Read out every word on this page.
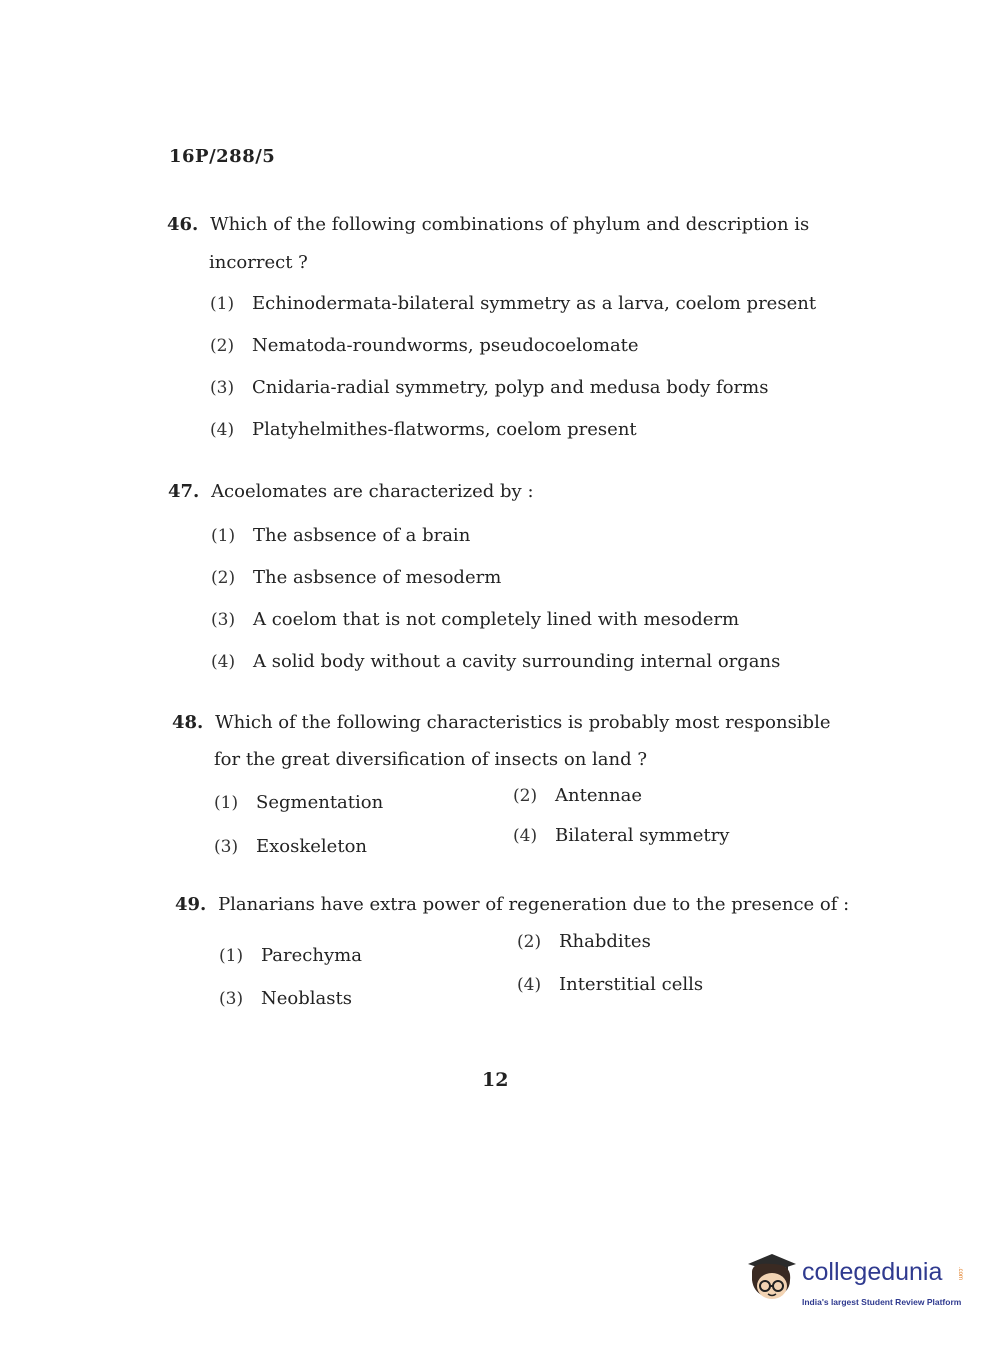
16P/288/5
46. Which of the following combinations of phylum and description is
incorrect ?
(1) Echinodermata-bilateral symmetry as a larva, coelom present
(2) Nematoda-roundworms, pseudocoelomate
(3) Cnidaria-radial symmetry, polyp and medusa body forms
(4) Platyhelmithes-flatworms, coelom present
47. Acoelomates are characterized by :
(1) The asbsence of a brain
(2) The asbsence of mesoderm
(3) A coelom that is not completely lined with mesoderm
(4) A solid body without a cavity surrounding internal organs
48. Which of the following characteristics is probably most responsible
for the great diversification of insects on land ?
(1) Segmentation	(2) Antennae
(3) Exoskeleton	(4) Bilateral symmetry
49. Planarians have extra power of regeneration due to the presence of :
(1) Parechyma
(2) Rhabdites
(3) Neoblasts
(4) Interstitial cells
12
collegedunia .com
India's largest Student Review Platform
